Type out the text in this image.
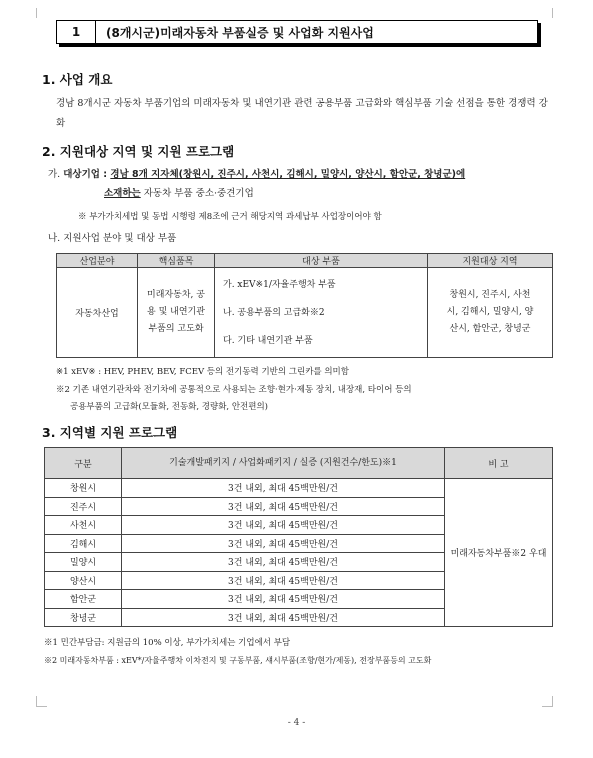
1	(8개시군)미래자동차 부품실증 및 사업화 지원사업
1. 사업 개요
경남 8개시군 자동차 부품기업의 미래자동차 및 내연기관 관련 공용부품 고급화와 핵심부품 기술 선점을 통한 경쟁력 강화
2. 지원대상 지역 및 지원 프로그램
가. 대상기업 : 경남 8개 지자체(창원시, 진주시, 사천시, 김해시, 밀양시, 양산시, 함안군, 창녕군)에
소재하는 자동차 부품 중소·중견기업
※ 부가가치세법 및 동법 시행령 제8조에 근거 해당지역 과세납부 사업장이어야 함
나. 지원사업 분야 및 대상 부품
산업분야	핵심품목	대상 부품	지원대상 지역
자동차산업	미래자동차, 공용 및 내연기관 부품의 고도화	가. xEV※1/자율주행차 부품
나. 공용부품의 고급화※2
다. 기타 내연기관 부품	창원시, 진주시, 사천시, 김해시, 밀양시, 양산시, 함안군, 창녕군
※1 xEV※ : HEV, PHEV, BEV, FCEV 등의 전기동력 기반의 그린카를 의미함
※2 기존 내연기관차와 전기차에 공통적으로 사용되는 조향·현가·제동 장치, 내장재, 타이어 등의
공용부품의 고급화(모듈화, 전동화, 경량화, 안전편의)
3. 지역별 지원 프로그램
구분	기술개발패키지 / 사업화패키지 / 실증 (지원건수/한도)※1	비 고
창원시	3건 내외, 최대 45백만원/건	미래자동차부품※2 우대
진주시	3건 내외, 최대 45백만원/건	
사천시	3건 내외, 최대 45백만원/건	
김해시	3건 내외, 최대 45백만원/건	
밀양시	3건 내외, 최대 45백만원/건	
양산시	3건 내외, 최대 45백만원/건	
함안군	3건 내외, 최대 45백만원/건	
창녕군	3건 내외, 최대 45백만원/건	
※1 민간부담금: 지원금의 10% 이상, 부가가치세는 기업에서 부담
※2 미래자동차부품 : xEV*/자율주행차 이차전지 및 구동부품, 섀시부품(조향/현가/제동), 전장부품등의 고도화
- 4 -
